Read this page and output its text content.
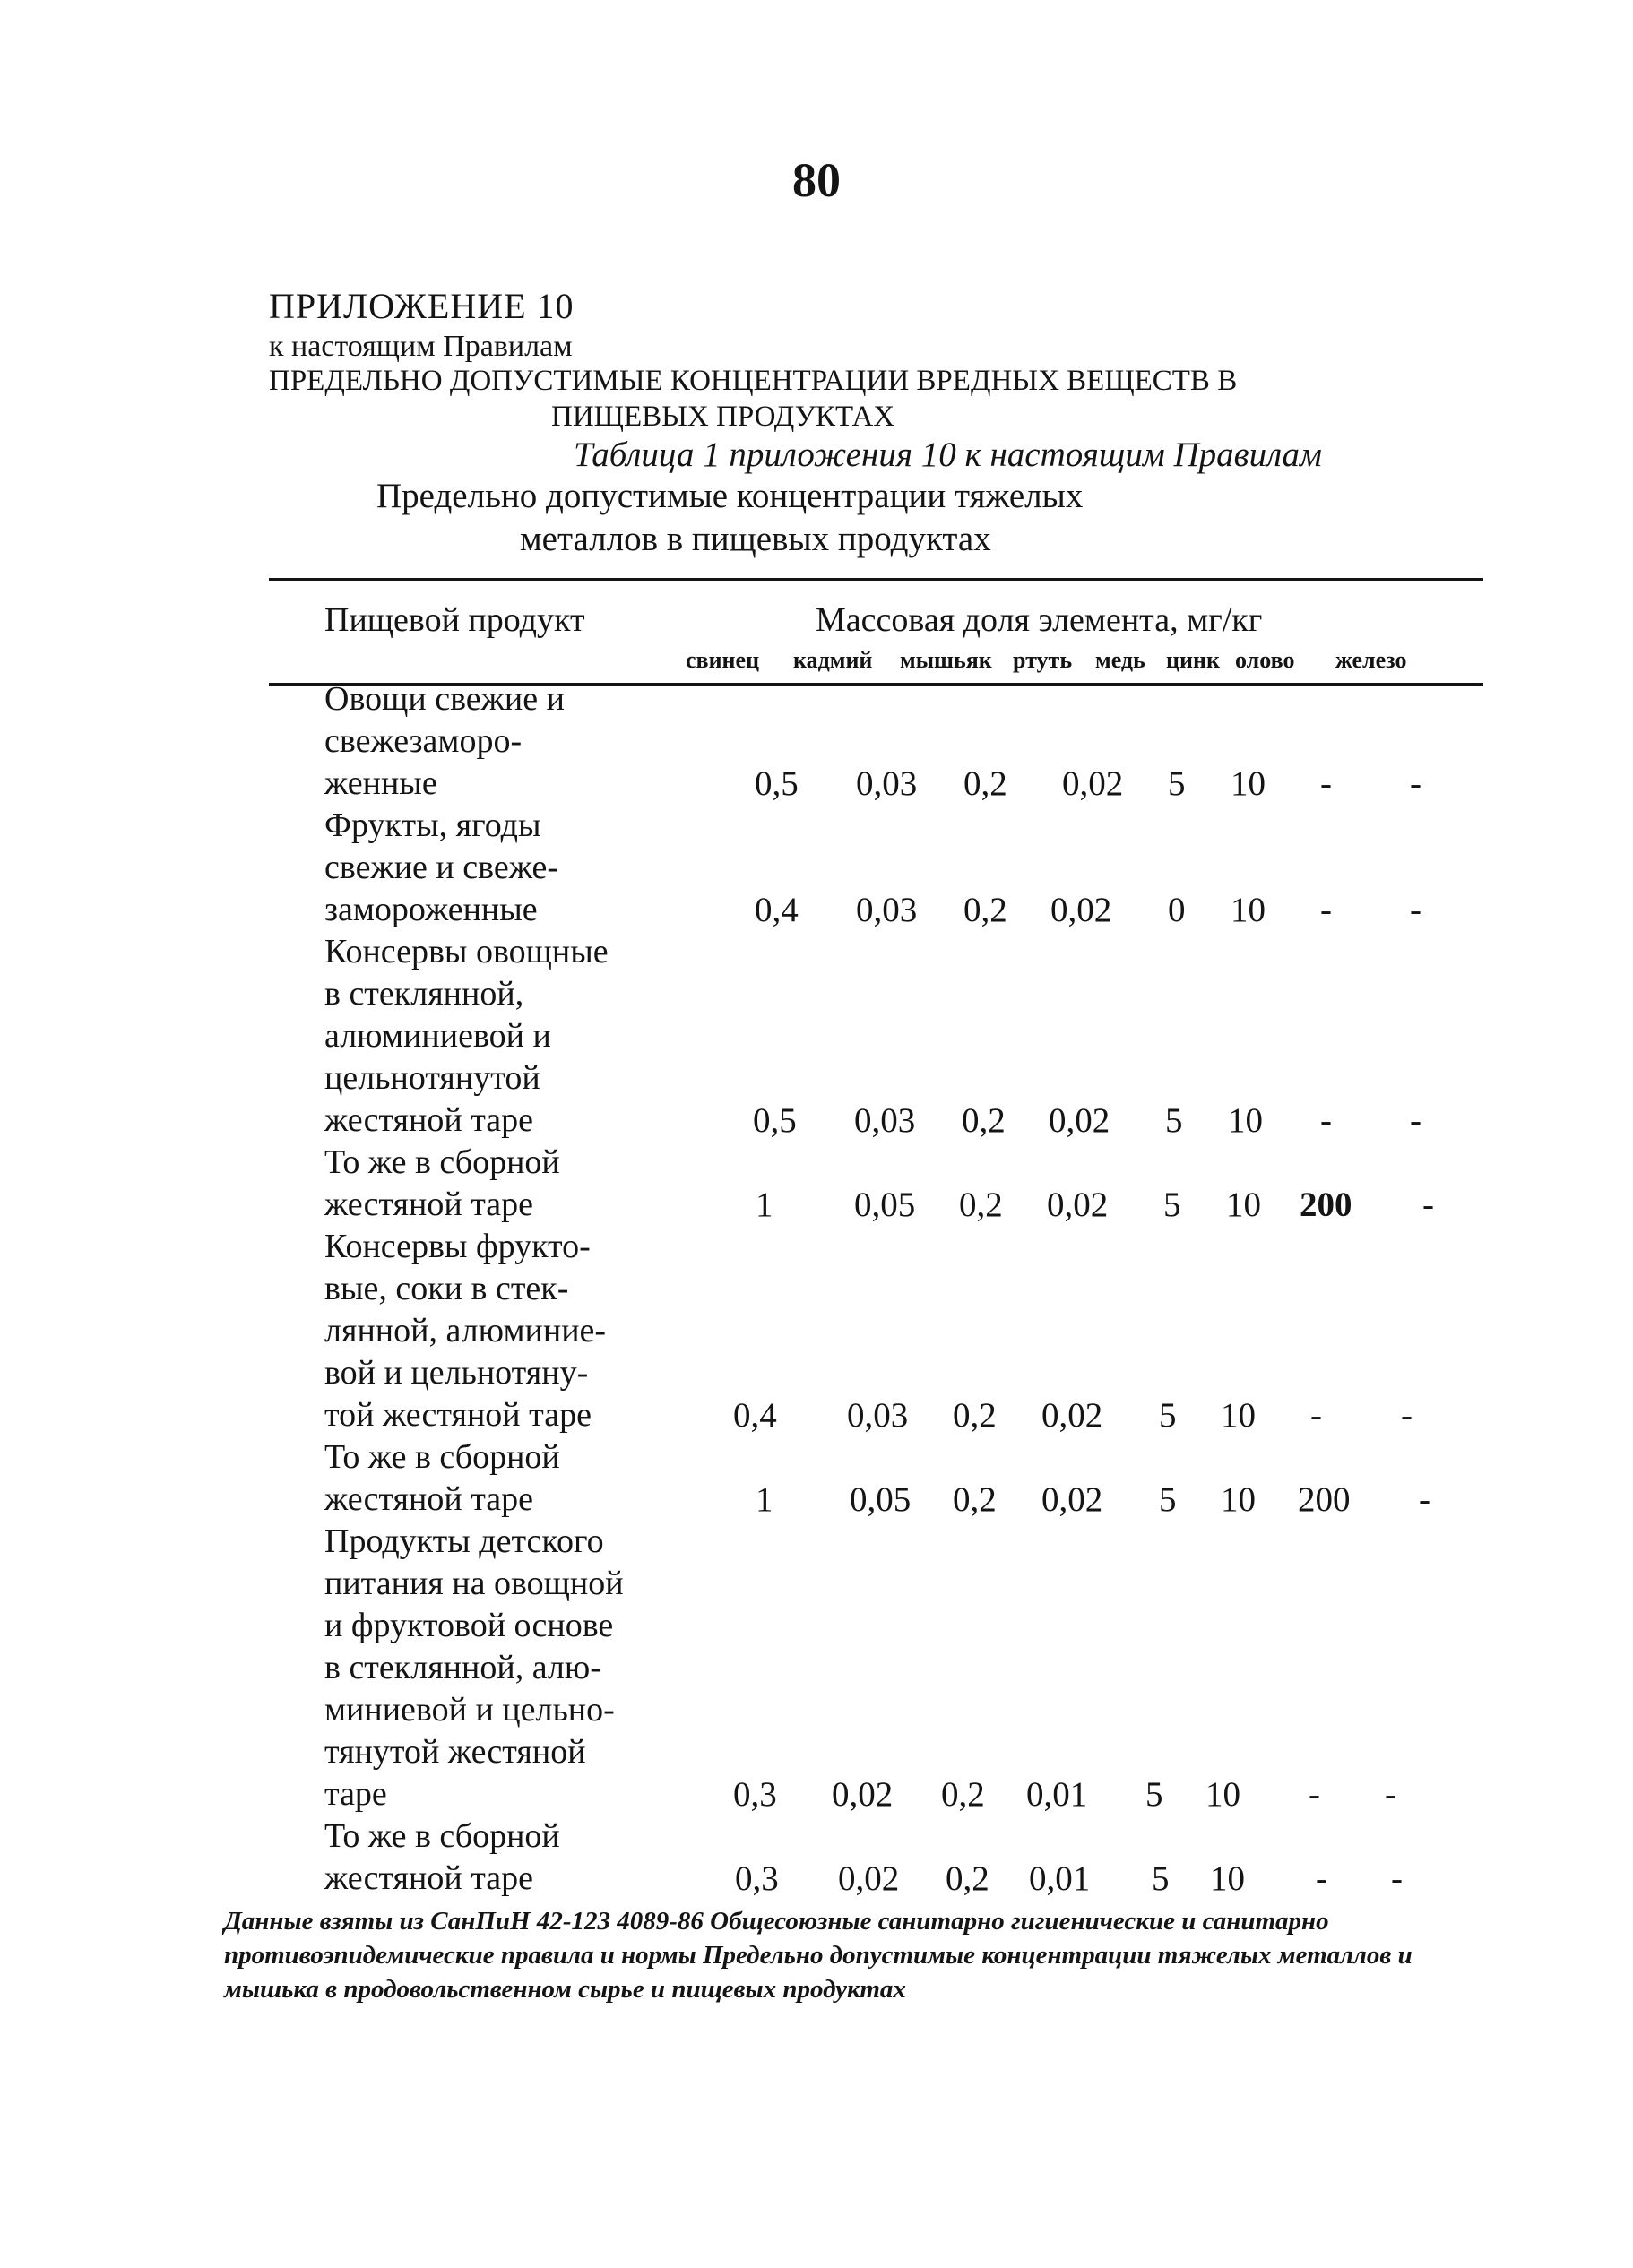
80
ПРИЛОЖЕНИЕ 10
к настоящим Правилам
ПРЕДЕЛЬНО ДОПУСТИМЫЕ КОНЦЕНТРАЦИИ ВРЕДНЫХ ВЕЩЕСТВ В
ПИЩЕВЫХ ПРОДУКТАХ
Таблица 1 приложения 10 к настоящим Правилам
Предельно допустимые концентрации тяжелых
металлов в пищевых продуктах
Пищевой продукт	Массовая доля элемента, мг/кг
свинец кадмий мышьяк ртуть медь цинк олово железо
Овощи свежие и
свежезаморо-
женные	0,5 0,03 0,2 0,02 5 10 - -
Фрукты, ягоды
свежие и свеже-
замороженные	0,4 0,03 0,2 0,02 0 10 - -
Консервы овощные
в стеклянной,
алюминиевой и
цельнотянутой
жестяной таре	0,5 0,03 0,2 0,02 5 10 - -
То же в сборной
жестяной таре	1 0,05 0,2 0,02 5 10 200 -
Консервы фрукто-
вые, соки в стек-
лянной, алюминие-
вой и цельнотяну-
той жестяной таре	0,4 0,03 0,2 0,02 5 10 - -
То же в сборной
жестяной таре	1 0,05 0,2 0,02 5 10 200 -
Продукты детского
питания на овощной
и фруктовой основе
в стеклянной, алю-
миниевой и цельно-
тянутой жестяной
таре	0,3 0,02 0,2 0,01 5 10 - -
То же в сборной
жестяной таре	0,3 0,02 0,2 0,01 5 10 - -
Данные взяты из СанПиН 42-123 4089-86 Общесоюзные санитарно гигиенические и санитарно противоэпидемические правила и нормы Предельно допустимые концентрации тяжелых металлов и мышька в продовольственном сырье и пищевых продуктах
